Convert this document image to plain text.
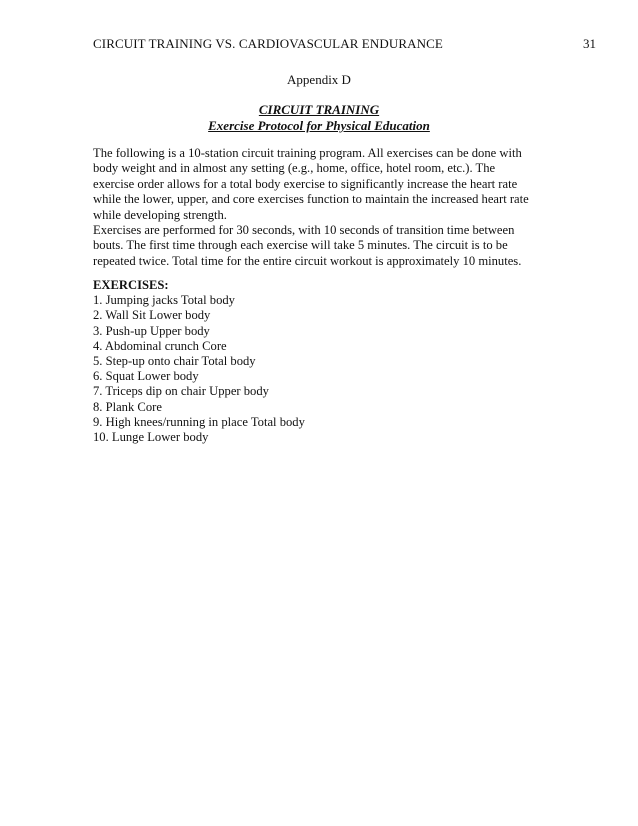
CIRCUIT TRAINING VS. CARDIOVASCULAR ENDURANCE	31
Appendix D
CIRCUIT TRAINING
Exercise Protocol for Physical Education

The following is a 10-station circuit training program. All exercises can be done with body weight and in almost any setting (e.g., home, office, hotel room, etc.). The exercise order allows for a total body exercise to significantly increase the heart rate while the lower, upper, and core exercises function to maintain the increased heart rate while developing strength.

Exercises are performed for 30 seconds, with 10 seconds of transition time between bouts. The first time through each exercise will take 5 minutes. The circuit is to be repeated twice. Total time for the entire circuit workout is approximately 10 minutes.

EXERCISES:
1. Jumping jacks Total body
2. Wall Sit Lower body
3. Push-up Upper body
4. Abdominal crunch Core
5. Step-up onto chair Total body
6. Squat Lower body
7. Triceps dip on chair Upper body
8. Plank Core
9. High knees/running in place Total body
10. Lunge Lower body
